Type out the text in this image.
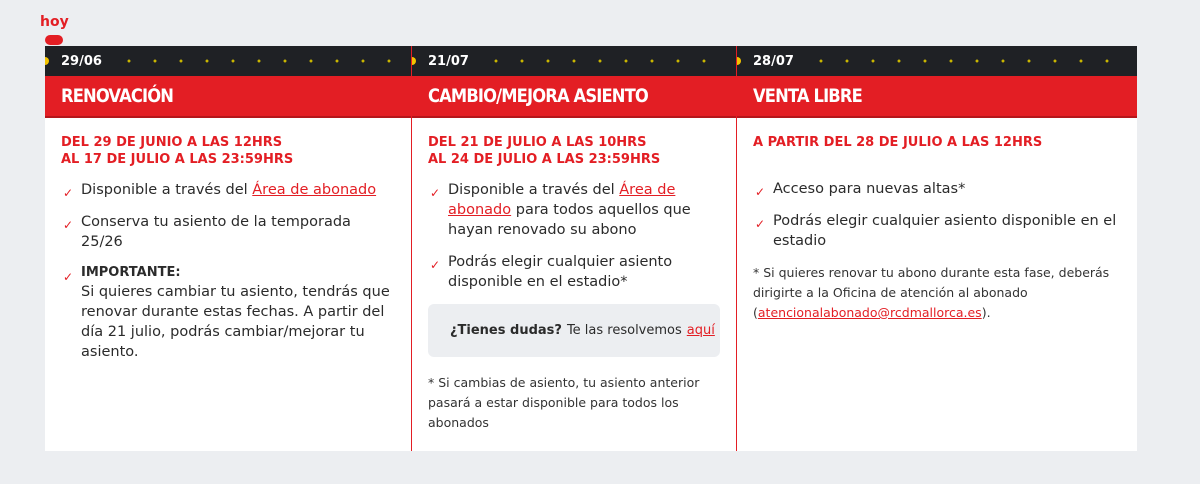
hoy
29/06
RENOVACIÓN
DEL 29 DE JUNIO A LAS 12HRS
AL 17 DE JULIO A LAS 23:59HRS
✓ Disponible a través del Área de abonado
✓ Conserva tu asiento de la temporada 25/26
✓ IMPORTANTE:
Si quieres cambiar tu asiento, tendrás que renovar durante estas fechas. A partir del día 21 julio, podrás cambiar/mejorar tu asiento.
21/07
CAMBIO/MEJORA ASIENTO
DEL 21 DE JULIO A LAS 10HRS
AL 24 DE JULIO A LAS 23:59HRS
✓ Disponible a través del Área de abonado para todos aquellos que hayan renovado su abono
✓ Podrás elegir cualquier asiento disponible en el estadio*
¿Tienes dudas? Te las resolvemos aquí

* Si cambias de asiento, tu asiento anterior pasará a estar disponible para todos los abonados

28/07
VENTA LIBRE
A PARTIR DEL 28 DE JULIO A LAS 12HRS
✓ Acceso para nuevas altas*
✓ Podrás elegir cualquier asiento disponible en el estadio

* Si quieres renovar tu abono durante esta fase, deberás dirigirte a la Oficina de atención al abonado (atencionalabonado@rcdmallorca.es).
